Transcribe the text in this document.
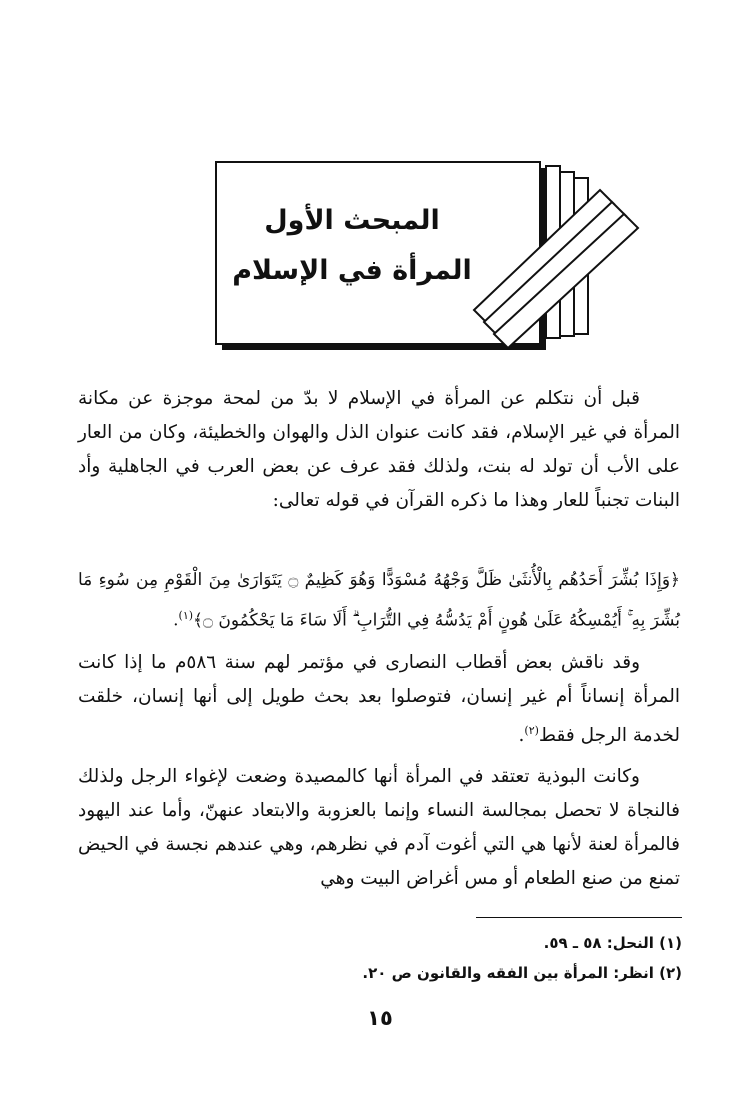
المبحث الأول
المرأة في الإسلام
قبل أن نتكلم عن المرأة في الإسلام لا بدّ من لمحة موجزة عن مكانة المرأة في غير الإسلام، فقد كانت عنوان الذل والهوان والخطيئة، وكان من العار على الأب أن تولد له بنت، ولذلك فقد عرف عن بعض العرب في الجاهلية وأد البنات تجنباً للعار وهذا ما ذكره القرآن في قوله تعالى:
﴿وَإِذَا بُشِّرَ أَحَدُهُم بِالْأُنثَىٰ ظَلَّ وَجْهُهُ مُسْوَدًّا وَهُوَ كَظِيمٌ ۝ يَتَوَارَىٰ مِنَ الْقَوْمِ مِن سُوءِ مَا بُشِّرَ بِهِ ۚ أَيُمْسِكُهُ عَلَىٰ هُونٍ أَمْ يَدُسُّهُ فِي التُّرَابِ ۗ أَلَا سَاءَ مَا يَحْكُمُونَ ۝﴾$^{(١)}$.
وقد ناقش بعض أقطاب النصارى في مؤتمر لهم سنة ٥٨٦م ما إذا كانت المرأة إنساناً أم غير إنسان، فتوصلوا بعد بحث طويل إلى أنها إنسان، خلقت لخدمة الرجل فقط$^{(٢)}$.
وكانت البوذية تعتقد في المرأة أنها كالمصيدة وضعت لإغواء الرجل ولذلك فالنجاة لا تحصل بمجالسة النساء وإنما بالعزوبة والابتعاد عنهنّ، وأما عند اليهود فالمرأة لعنة لأنها هي التي أغوت آدم في نظرهم، وهي عندهم نجسة في الحيض تمنع من صنع الطعام أو مس أغراض البيت وهي
(١) النحل: ٥٨ ـ ٥٩.
(٢) انظر: المرأة بين الفقه والقانون ص ٢٠.
١٥
